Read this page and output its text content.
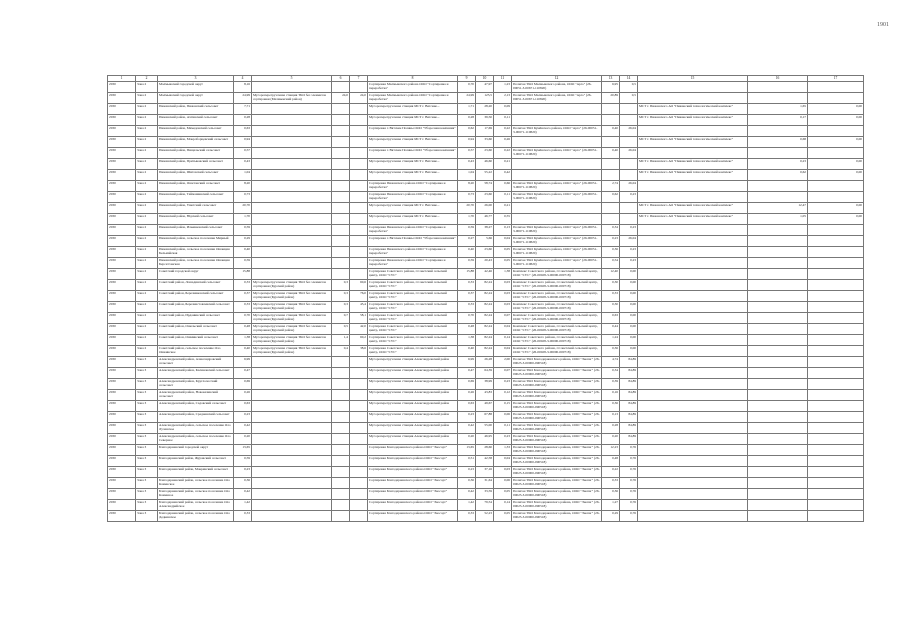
1901
1	2	3	4	5	6	7	8	9	10	11	12	13	14	15	16	17
2030	Зона 2	Малмыжский городской округ	8,16				Сортировка Малмыжского района ООО "Сортировка и переработка"	0,70	47,97	1,23	Полигон ТКО Малмыжского района, ООО "Арго" (26-00051-З-00671-110820)	6,95	0,5			
2030	Зона 2	Малмыжский городской округ	24,99	Мусороперегрузочная станция ТКО без элементов сортировки (Малмыжский район)	24,0	24,0	Сортировка Малмыжского района ООО "Сортировка и переработка"	24,99	123,5	2,13	Полигон ТКО Малмыжского района, ООО "Арго" (26-00051-З-00671-110820)	20,89	0,5			
2030	Зона 2	Пижанский район, Пижанский сельсовет	7,71				Мусороперегрузочная станция МСТ г. Вятские...	1,71	28,20	0,09				МСТ г. Пижанского АО "Пижанский технологический комплекс"	1,65	0,00
2030	Зона 2	Пижанский район, Ахтинский сельсовет	0,28				Мусороперегрузочная станция МСТ г. Вятские...	0,28	39,50	0,11				МСТ г. Пижанского АО "Пижанский технологический комплекс"	0,17	0,00
2030	Зона 2	Пижанский район, Мамедовский сельсовет	0,63				Сортировка г. Вятские Поляны ООО "Уборочная компания"	0,62	17,69	0,22	Полигон ТКО Кумёнского района, ООО "Арго" (26-00051-З-00671-110820)	0,40	26,04			
2030	Зона 2	Пижанский район, Мокроборцевский сельсовет	0,94				Мусороперегрузочная станция МСТ г. Вятские...	0,94	33,60	0,26				МСТ г. Пижанского АО "Пижанский технологический комплекс"	0,68	0,00
2030	Зона 2	Пижанский район, Пищальский сельсовет	0,57				Сортировка г. Вятские Поляны ООО "Уборочная компания"	0,57	23,60	0,22	Полигон ТКО Кумёнского района, ООО "Арго" (26-00051-З-00671-110820)	0,40	26,04			
2030	Зона 2	Пижанский район, Притыковский сельсовет	0,43				Мусороперегрузочная станция МСТ г. Вятские...	0,43	46,60	0,21				МСТ г. Пижанского АО "Пижанский технологический комплекс"	0,23	0,00
2030	Зона 2	Пижанский район, Шитовский сельсовет	1,04				Мусороперегрузочная станция МСТ г. Вятские...	1,04	55,22	0,42				МСТ г. Пижанского АО "Пижанский технологический комплекс"	0,62	0,00
2030	Зона 2	Пижанский район, Ошетонский сельсовет	8,20				Сортировка Пижанского района ООО "Сортировка и переработка"	8,20	58,74	0,66	Полигон ТКО Кумёнского района, ООО "Арго" (26-00051-З-00671-110820)	2,74	26,04			
2030	Зона 2	Пижанский район, Таймашинский сельсовет	0,73				Сортировка Пижанского района ООО "Сортировка и переработка"	0,73	23,60	0,11	Полигон ТКО Кумёнского района, ООО "Арго" (26-00051-З-00671-110820)	0,62	0,23			
2030	Зона 2	Пижанский район, Ушетский сельсовет	20,70				Мусороперегрузочная станция МСТ г. Вятские...	20,70	26,00	0,21				МСТ г. Пижанского АО "Пижанский технологический комплекс"	12,47	0,00
2030	Зона 2	Пижанский район, Юдский сельсовет	1,70				Мусороперегрузочная станция МСТ г. Вятские...	1,70	46,77	0,55				МСТ г. Пижанского АО "Пижанский технологический комплекс"	1,05	0,00
2030	Зона 2	Пижанский район, Ильинковский сельсовет	0,59				Сортировка Пижанского района ООО "Сортировка и переработка"	0,59	38,27	0,13	Полигон ТКО Кумёнского района, ООО "Арго" (26-00051-З-00671-110820)	0,34	0,23			
2030	Зона 2	Пижанский район, сельское поселение Мирный	0,29				Сортировка г. Вятские Поляны ООО "Уборочная компания"	0,27	5,66	0,04	Полигон ТКО Кумёнского района, ООО "Арго" (26-00051-З-00671-110820)	0,23	26,04			
2030	Зона 2	Пижанский район, сельское поселение Ошанция Бельмайская	0,40				Сортировка Пижанского района ООО "Сортировка и переработка"	0,40	23,60	0,05	Полигон ТКО Кумёнского района, ООО "Арго" (26-00051-З-00671-110820)	0,36	0,23			
2030	Зона 2	Пижанский район, сельское поселение Ошанция Берсетганская	0,59				Сортировка Пижанского района ООО "Сортировка и переработка"	0,59	20,43	0,05	Полигон ТКО Кумёнского района, ООО "Арго" (26-00051-З-00671-110820)	0,54	0,23			
2030	Зона 2	Советский городской округ	15,88				Сортировка Советского района, г.Советский сельский центр, ООО "СУС"	15,88	42,46	1,38	Комплекс Советского района, г.Советский сельский центр, ООО "СУС" (26-00028-З-00000-000718)	12,40	0,00			
2030	Зона 2	Советский район, Лошадинский сельсовет	0,33	Мусороперегрузочная станция ТКО без элементов сортировки (Курский район)	0,3	60,6	Сортировка Советского района, г.Советский сельский центр, ООО "СУС"	0,33	82,24	0,03	Комплекс Советского района, г.Советский сельский центр, ООО "СУС" (26-00028-З-00000-000718)	0,30	0,00			
2030	Зона 2	Советский район, Березниковский сельсовет	0,37	Мусороперегрузочная станция ТКО без элементов сортировки (Курский район)	0,3	76,0	Сортировка Советского района, г.Советский сельский центр, ООО "СУС"	0,37	82,24	0,03	Комплекс Советского района, г.Советский сельский центр, ООО "СУС" (26-00028-З-00000-000718)	0,33	0,00			
2030	Зона 2	Советский район, Березнистовлевский сельсовет	0,33	Мусороперегрузочная станция ТКО без элементов сортировки (Курский район)	0,3	45,4	Сортировка Советского района, г.Советский сельский центр, ООО "СУС"	0,33	82,24	0,03	Комплекс Советского района, г.Советский сельский центр, ООО "СУС" (26-00028-З-00000-000718)	0,30	0,00			
2030	Зона 2	Советский район, Ирданинский сельсовет	0,70	Мусороперегрузочная станция ТКО без элементов сортировки (Курский район)	0,7	58,1	Сортировка Советского района, г.Советский сельский центр, ООО "СУС"	0,70	82,24	0,07	Комплекс Советского района, г.Советский сельский центр, ООО "СУС" (26-00028-З-00000-000718)	0,63	0,00			
2030	Зона 2	Советский район, Ошельский сельсовет	0,48	Мусороперегрузочная станция ТКО без элементов сортировки (Курский район)	0,5	42,0	Сортировка Советского района, г.Советский сельский центр, ООО "СУС"	0,48	82,24	0,04	Комплекс Советского района, г.Советский сельский центр, ООО "СУС" (26-00028-З-00000-000718)	0,44	0,00			
2030	Зона 2	Советский район, Ошминский сельсовет	1,38	Мусороперегрузочная станция ТКО без элементов сортировки (Курский район)	1,4	60,2	Сортировка Советского района, г.Советский сельский центр, ООО "СУС"	1,38	82,24	0,14	Комплекс Советского района, г.Советский сельский центр, ООО "СУС" (26-00028-З-00000-000718)	1,24	0,00			
2030	Зона 2	Советский район, сельское поселение Оло Ошкинское	0,40	Мусороперегрузочная станция ТКО без элементов сортировки (Курский район)	0,4	38,6	Сортировка Советского района, г.Советский сельский центр, ООО "СУС"	0,40	82,24	0,04	Комплекс Советского района, г.Советский сельский центр, ООО "СУС" (26-00028-З-00000-000718)	0,36	0,00			
2030	Зона 3	Александровский район, Александровский сельсовет	6,99				Мусороперегрузочная станция Александровский район	6,99	26,28	2,00	Полигон ТКО Благодарненского района, ООО "Экопаг" (26-00023-З-00000-090518)	4,74	84,89			
2030	Зона 3	Александровский район, Калиновский сельсовет	0,47				Мусороперегрузочная станция Александровский район	0,47	64,39	0,07	Полигон ТКО Благодарненского района, ООО "Экопаг" (26-00023-З-00000-090518)	0,34	84,89			
2030	Зона 3	Александровский район, Круглолесский сельсовет	0,69				Мусороперегрузочная станция Александровский район	0,69	38,99	0,23	Полигон ТКО Благодарненского района, ООО "Экопаг" (26-00023-З-00000-090518)	0,39	84,89			
2030	Зона 3	Александровский район, Новоказинский сельсовет	0,26				Мусороперегрузочная станция Александровский район	0,26	43,83	0,12	Полигон ТКО Благодарненского района, ООО "Экопаг" (26-00023-З-00000-090518)	0,16	84,89			
2030	Зона 3	Александровский район, Садовский сельсовет	0,63				Мусороперегрузочная станция Александровский район	0,63	49,67	0,15	Полигон ТКО Благодарненского района, ООО "Экопаг" (26-00023-З-00000-090518)	0,36	84,89			
2030	Зона 3	Александровский район, Средненский сельсовет	0,23				Мусороперегрузочная станция Александровский район	0,23	67,88	0,06	Полигон ТКО Благодарненского района, ООО "Экопаг" (26-00023-З-00000-090518)	0,13	84,89			
2030	Зона 3	Александровский район, сельское поселение Оло Лучанское	0,42				Мусороперегрузочная станция Александровский район	0,42	55,00	0,11	Полигон ТКО Благодарненского района, ООО "Экопаг" (26-00023-З-00000-090518)	0,28	84,89			
2030	Зона 3	Александровский район, сельское поселение Оло Северное	0,20				Мусороперегрузочная станция Александровский район	0,20	46,95	0,23	Полигон ТКО Благодарненского района, ООО "Экопаг" (26-00023-З-00000-090518)	0,20	84,89			
2030	Зона 3	Благодарненский городской округ	13,65				Сортировка Благодарненского района ООО "Экосорт"	13,65	28,60	1,33	Полигон ТКО Благодарненского района, ООО "Экопаг" (26-00023-З-00000-090518)	12,23	0,76			
2030	Зона 3	Благодарненский район, Журавский сельсовет	0,59				Сортировка Благодарненского района ООО "Экосорт"	0,51	42,58	0,04	Полигон ТКО Благодарненского района, ООО "Экопаг" (26-00023-З-00000-090518)	0,48	0,76			
2030	Зона 3	Благодарненский район, Мокрянский сельсовет	0,23				Сортировка Благодарненского района ООО "Экосорт"	0,23	37,16	0,03	Полигон ТКО Благодарненского района, ООО "Экопаг" (26-00023-З-00000-090518)	0,22	0,76			
2030	Зона 3	Благодарненский район, сельское поселение Оло Каменское	0,36				Сортировка Благодарненского района ООО "Экосорт"	0,36	31,64	0,06	Полигон ТКО Благодарненского района, ООО "Экопаг" (26-00023-З-00000-090518)	0,33	0,76			
2030	Зона 3	Благодарненский район, сельское поселение Оло Каменное	0,42				Сортировка Благодарненского района ООО "Экосорт"	0,42	33,59	0,05	Полигон ТКО Благодарненского района, ООО "Экопаг" (26-00023-З-00000-090518)	0,36	0,76			
2030	Зона 3	Благодарненский район, сельское поселение Оло Александрийское	1,42				Сортировка Благодарненского района ООО "Экосорт"	1,42	79,54	0,14	Полигон ТКО Благодарненского района, ООО "Экопаг" (26-00023-З-00000-090518)	1,27	0,76			
2030	Зона 3	Благодарненский район, сельское поселение Оло Дедкинское	0,33				Сортировка Благодарненского района ООО "Экосорт"	0,33	52,23	0,05	Полигон ТКО Благодарненского района, ООО "Экопаг" (26-00023-З-00000-090518)	0,29	0,76			
